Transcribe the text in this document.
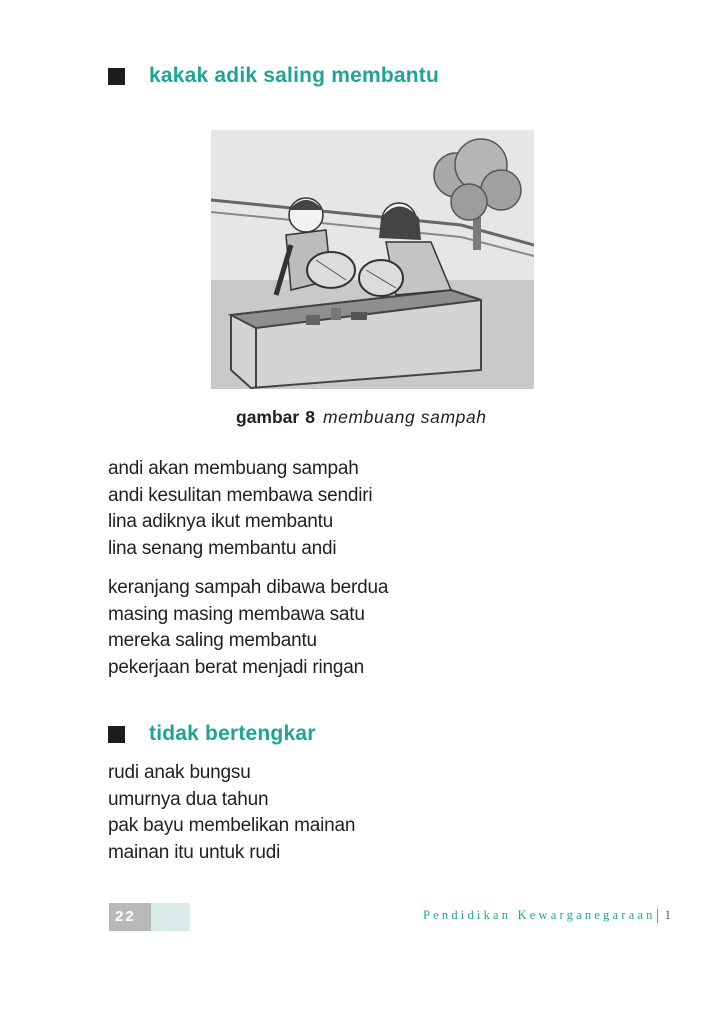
kakak adik saling membantu
gambar 8 membuang sampah
andi akan membuang sampah
andi kesulitan membawa sendiri
lina adiknya ikut membantu
lina senang membantu andi
keranjang sampah dibawa berdua
masing masing membawa satu
mereka saling membantu
pekerjaan berat menjadi ringan
tidak bertengkar
rudi anak bungsu
umurnya dua tahun
pak bayu membelikan mainan
mainan itu untuk rudi
22	Pendidikan Kewarganegaraan 1
